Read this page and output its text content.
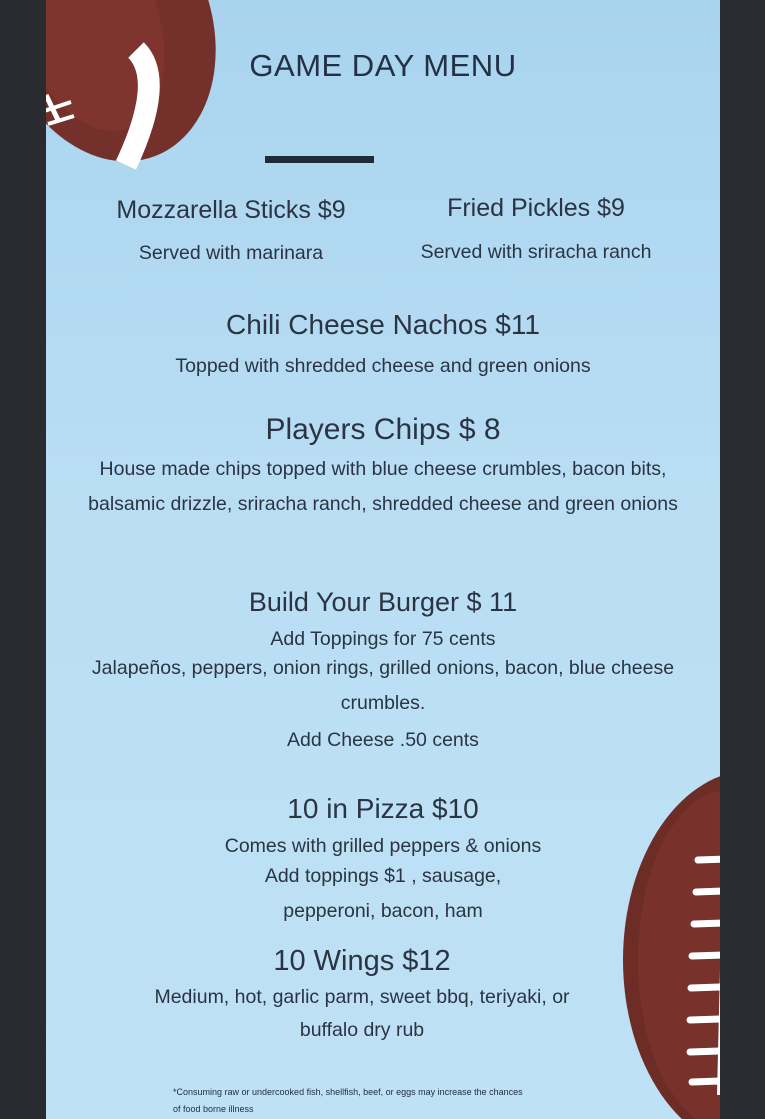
GAME DAY MENU
Mozzarella Sticks $9
Served with marinara
Fried Pickles $9
Served with sriracha ranch
Chili Cheese Nachos $11
Topped with shredded cheese and green onions
Players Chips $ 8
House made chips topped with blue cheese crumbles, bacon bits,
balsamic drizzle, sriracha ranch, shredded cheese and green onions
Build Your Burger $ 11
Add Toppings for 75 cents
Jalapeños, peppers, onion rings, grilled onions, bacon, blue cheese
crumbles.
Add Cheese .50 cents
10 in Pizza $10
Comes with grilled peppers & onions
Add toppings $1 , sausage,
pepperoni, bacon, ham
10 Wings $12
Medium, hot, garlic parm, sweet bbq, teriyaki, or
buffalo dry rub
*Consuming raw or undercooked fish, shellfish, beef, or eggs may increase the chances
of food borne illness
